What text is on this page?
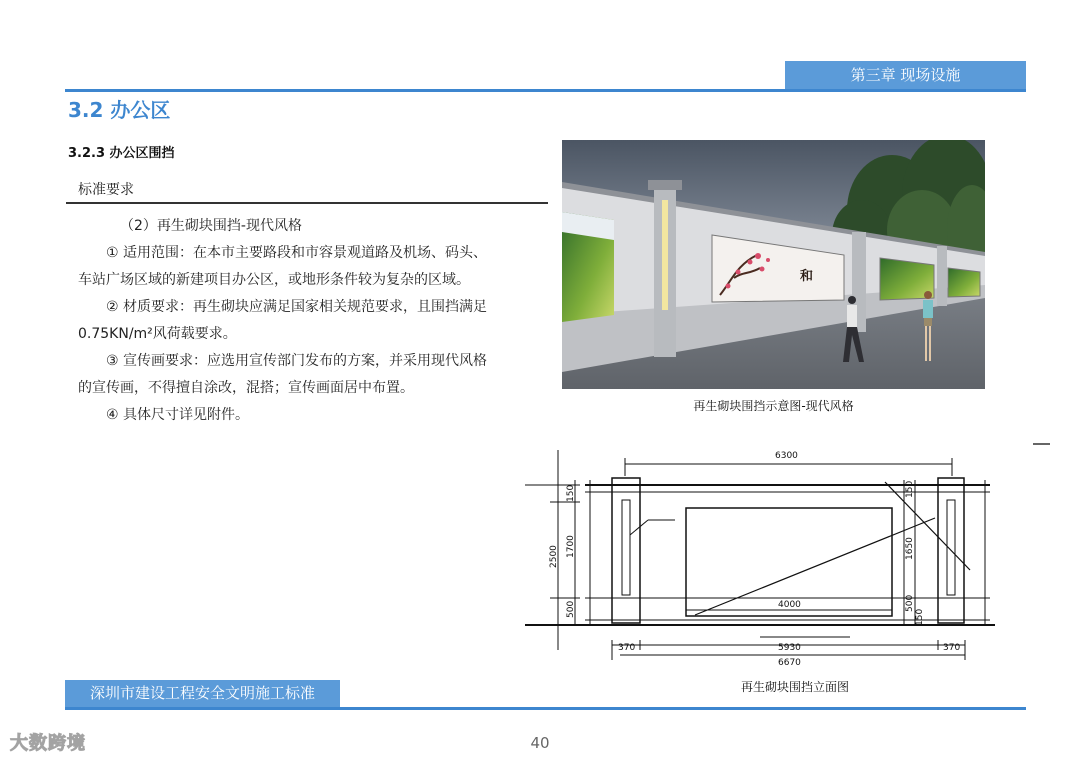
第三章 现场设施
3.2 办公区
3.2.3 办公区围挡
标准要求

（2）再生砌块围挡-现代风格

① 适用范围：在本市主要路段和市容景观道路及机场、码头、

车站广场区域的新建项目办公区，或地形条件较为复杂的区域。

② 材质要求：再生砌块应满足国家相关规范要求，且围挡满足

0.75KN/m²风荷载要求。

③ 宣传画要求：应选用宣传部门发布的方案，并采用现代风格

的宣传画，不得擅自涂改，混搭；宣传画面居中布置。

④ 具体尺寸详见附件。

和
再生砌块围挡示意图-现代风格
6300
4000
5930
6670
370	370
2500 1700
150
500
1650
150
500
150
再生砌块围挡立面图
深圳市建设工程安全文明施工标准
40
大数跨境
